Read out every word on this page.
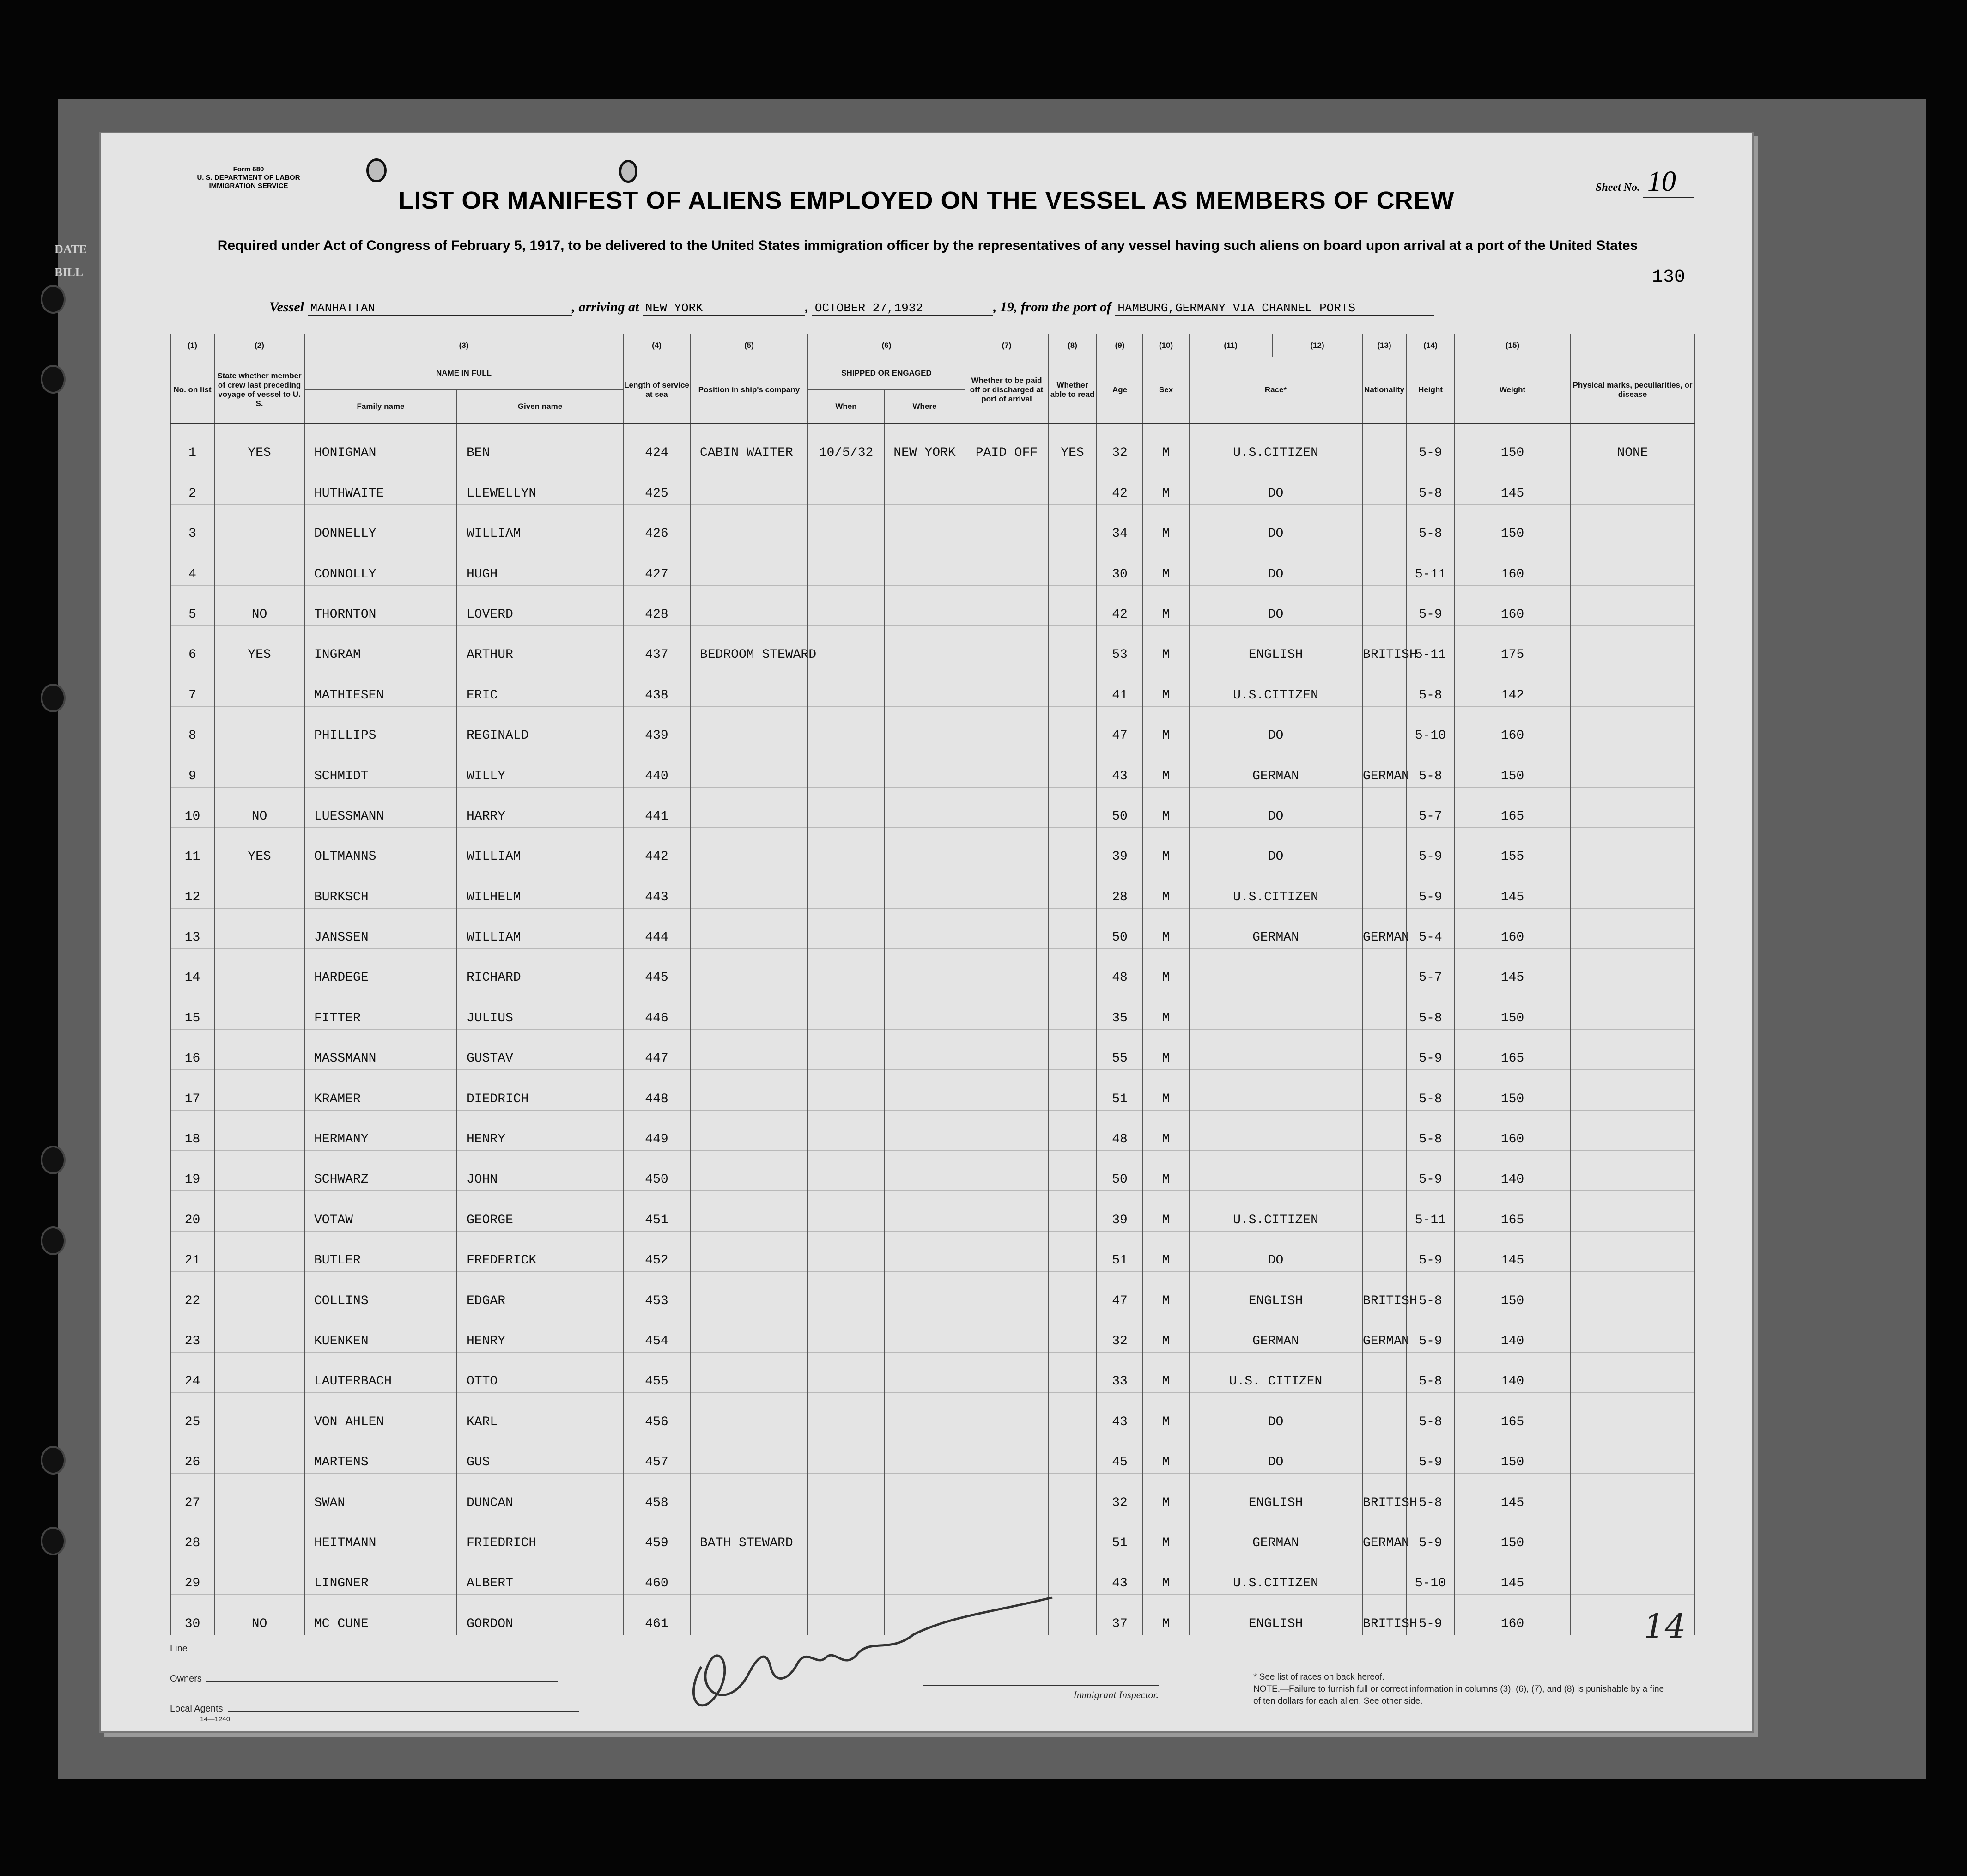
DATE
BILL
Form 680
U. S. DEPARTMENT OF LABOR
IMMIGRATION SERVICE	Sheet No. 10
LIST OR MANIFEST OF ALIENS EMPLOYED ON THE VESSEL AS MEMBERS OF CREW
Required under Act of Congress of February 5, 1917, to be delivered to the United States immigration officer by the representatives of any vessel having such aliens on board upon arrival at a port of the United States
130
Vessel MANHATTAN	, arriving at NEW YORK	, OCTOBER 27,1932	, 19, from the port of HAMBURG,GERMANY VIA CHANNEL PORTS
(1)	(2)	(3)		(4)	(5)	(6)		(7)	(8)	(9)	(10)	(11)	(12)	(13)	(14)	(15)		
No. on list	State whether member of crew last preceding voyage of vessel to U. S.	NAME IN FULL		Length of service at sea	Position in ship's company	SHIPPED OR ENGAGED		Whether to be paid off or discharged at port of arrival	Whether able to read	Age	Sex	Race*		Nationality	Height	Weight	Physical marks, peculiarities, or disease	
		Family name	Given name			When	Where											
1	YES	HONIGMAN	BEN	424	CABIN WAITER	10/5/32	NEW YORK	PAID OFF	YES	32	M	U.S.CITIZEN			5-9	150	NONE	
2		HUTHWAITE	LLEWELLYN	425						42	M	DO			5-8	145		
3		DONNELLY	WILLIAM	426						34	M	DO			5-8	150		
4		CONNOLLY	HUGH	427						30	M	DO			5-11	160		
5	NO	THORNTON	LOVERD	428						42	M	DO			5-9	160		
6	YES	INGRAM	ARTHUR	437	BEDROOM STEWARD					53	M	ENGLISH		BRITISH	5-11	175		
7		MATHIESEN	ERIC	438						41	M	U.S.CITIZEN			5-8	142		
8		PHILLIPS	REGINALD	439						47	M	DO			5-10	160		
9		SCHMIDT	WILLY	440						43	M	GERMAN		GERMAN	5-8	150		
10	NO	LUESSMANN	HARRY	441						50	M	DO			5-7	165		
11	YES	OLTMANNS	WILLIAM	442						39	M	DO			5-9	155		
12		BURKSCH	WILHELM	443						28	M	U.S.CITIZEN			5-9	145		
13		JANSSEN	WILLIAM	444						50	M	GERMAN		GERMAN	5-4	160		
14		HARDEGE	RICHARD	445						48	M				5-7	145		
15		FITTER	JULIUS	446						35	M				5-8	150		
16		MASSMANN	GUSTAV	447						55	M				5-9	165		
17		KRAMER	DIEDRICH	448						51	M				5-8	150		
18		HERMANY	HENRY	449						48	M				5-8	160		
19		SCHWARZ	JOHN	450						50	M				5-9	140		
20		VOTAW	GEORGE	451						39	M	U.S.CITIZEN			5-11	165		
21		BUTLER	FREDERICK	452						51	M	DO			5-9	145		
22		COLLINS	EDGAR	453						47	M	ENGLISH		BRITISH	5-8	150		
23		KUENKEN	HENRY	454						32	M	GERMAN		GERMAN	5-9	140		
24		LAUTERBACH	OTTO	455						33	M	U.S. CITIZEN			5-8	140		
25		VON AHLEN	KARL	456						43	M	DO			5-8	165		
26		MARTENS	GUS	457						45	M	DO			5-9	150		
27		SWAN	DUNCAN	458						32	M	ENGLISH		BRITISH	5-8	145		
28		HEITMANN	FRIEDRICH	459	BATH STEWARD					51	M	GERMAN		GERMAN	5-9	150		
29		LINGNER	ALBERT	460						43	M	U.S.CITIZEN			5-10	145		
30	NO	MC CUNE	GORDON	461						37	M	ENGLISH		BRITISH	5-9	160			14
Line
Owners
Local Agents
14—1240
Immigrant Inspector.
* See list of races on back hereof.
NOTE.—Failure to furnish full or correct information in columns (3), (6), (7), and (8) is punishable by a fine of ten dollars for each alien. See other side.
